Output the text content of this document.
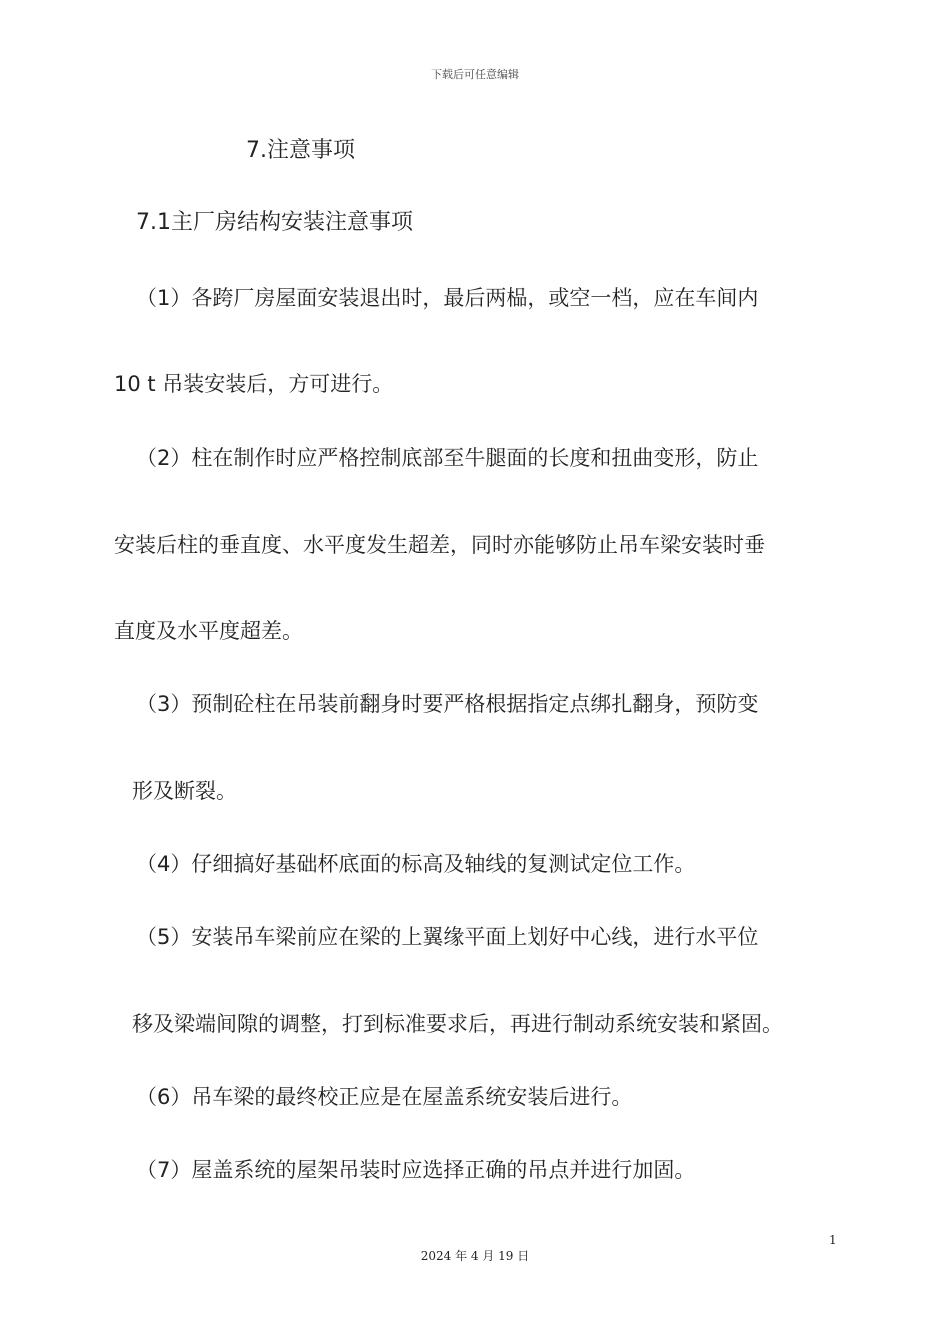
下载后可任意编辑
7.注意事项
7.1主厂房结构安装注意事项
（1）各跨厂房屋面安装退出时，最后两榀，或空一档，应在车间内
10 t 吊装安装后，方可进行。
（2）柱在制作时应严格控制底部至牛腿面的长度和扭曲变形，防止
安装后柱的垂直度、水平度发生超差，同时亦能够防止吊车梁安装时垂
直度及水平度超差。
（3）预制砼柱在吊装前翻身时要严格根据指定点绑扎翻身，预防变
形及断裂。
（4）仔细搞好基础杯底面的标高及轴线的复测试定位工作。
（5）安装吊车梁前应在梁的上翼缘平面上划好中心线，进行水平位
移及梁端间隙的调整，打到标准要求后，再进行制动系统安装和紧固。
（6）吊车梁的最终校正应是在屋盖系统安装后进行。
（7）屋盖系统的屋架吊装时应选择正确的吊点并进行加固。
1
2024 年 4 月 19 日
